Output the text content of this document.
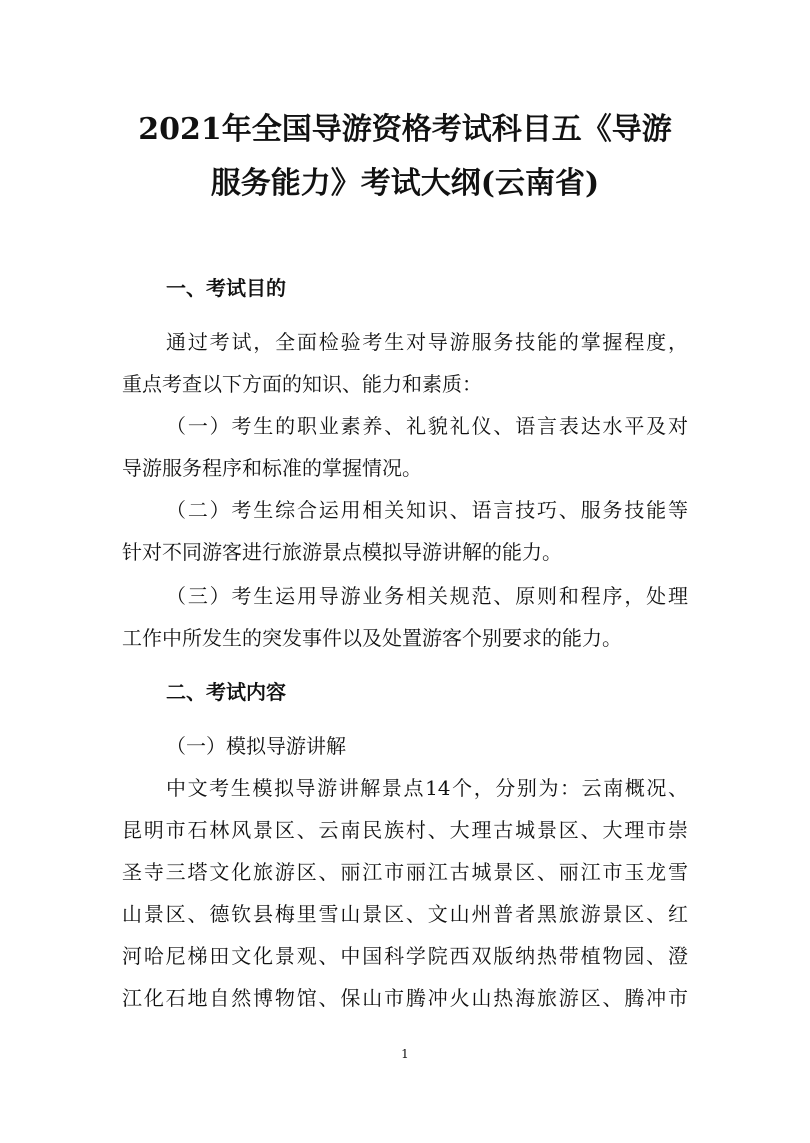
2021年全国导游资格考试科目五《导游
服务能力》考试大纲(云南省)
一、考试目的
通过考试，全面检验考生对导游服务技能的掌握程度，
重点考查以下方面的知识、能力和素质：
（一）考生的职业素养、礼貌礼仪、语言表达水平及对
导游服务程序和标准的掌握情况。
（二）考生综合运用相关知识、语言技巧、服务技能等
针对不同游客进行旅游景点模拟导游讲解的能力。
（三）考生运用导游业务相关规范、原则和程序，处理
工作中所发生的突发事件以及处置游客个别要求的能力。
二、考试内容
（一）模拟导游讲解
中文考生模拟导游讲解景点14个，分别为：云南概况、
昆明市石林风景区、云南民族村、大理古城景区、大理市崇
圣寺三塔文化旅游区、丽江市丽江古城景区、丽江市玉龙雪
山景区、德钦县梅里雪山景区、文山州普者黑旅游景区、红
河哈尼梯田文化景观、中国科学院西双版纳热带植物园、澄
江化石地自然博物馆、保山市腾冲火山热海旅游区、腾冲市
1
